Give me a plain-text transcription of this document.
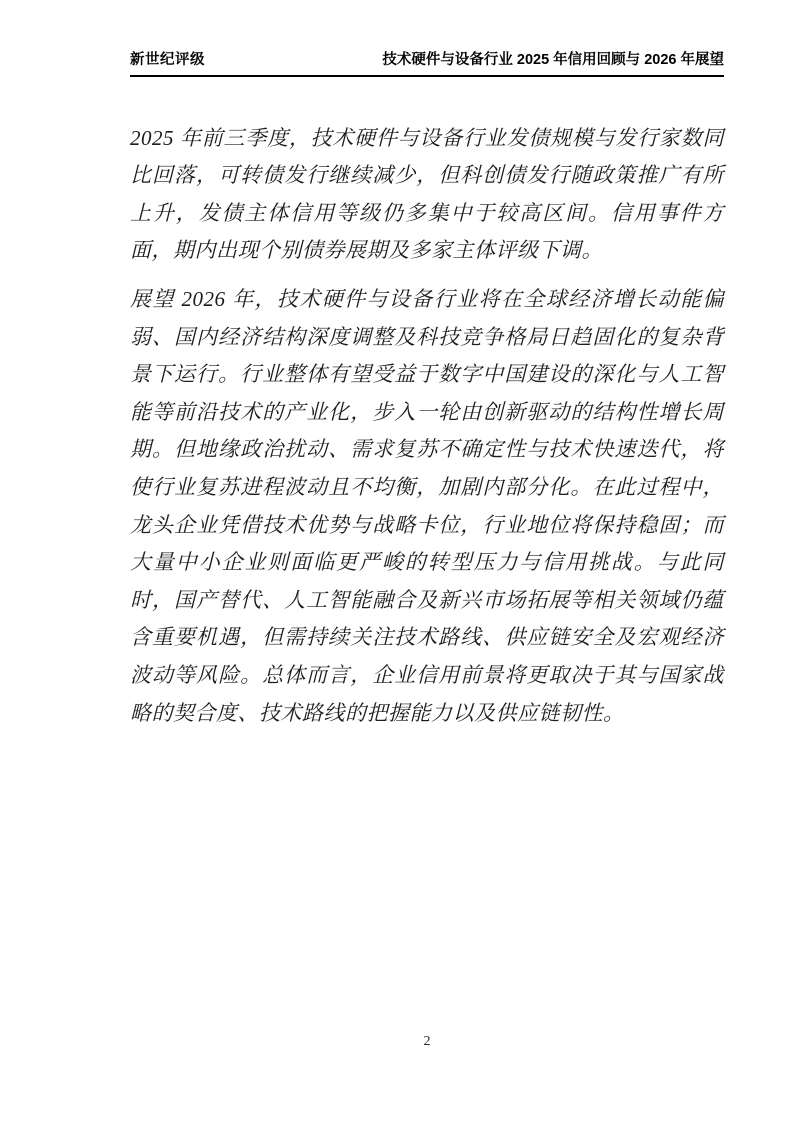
新世纪评级	技术硬件与设备行业 2025 年信用回顾与 2026 年展望

2025 年前三季度，技术硬件与设备行业发债规模与发行家数同比回落，可转债发行继续减少，但科创债发行随政策推广有所上升，发债主体信用等级仍多集中于较高区间。信用事件方面，期内出现个别债券展期及多家主体评级下调。

展望 2026 年，技术硬件与设备行业将在全球经济增长动能偏弱、国内经济结构深度调整及科技竞争格局日趋固化的复杂背景下运行。行业整体有望受益于数字中国建设的深化与人工智能等前沿技术的产业化，步入一轮由创新驱动的结构性增长周期。但地缘政治扰动、需求复苏不确定性与技术快速迭代，将使行业复苏进程波动且不均衡，加剧内部分化。在此过程中，龙头企业凭借技术优势与战略卡位，行业地位将保持稳固；而大量中小企业则面临更严峻的转型压力与信用挑战。与此同时，国产替代、人工智能融合及新兴市场拓展等相关领域仍蕴含重要机遇，但需持续关注技术路线、供应链安全及宏观经济波动等风险。总体而言，企业信用前景将更取决于其与国家战略的契合度、技术路线的把握能力以及供应链韧性。

2
